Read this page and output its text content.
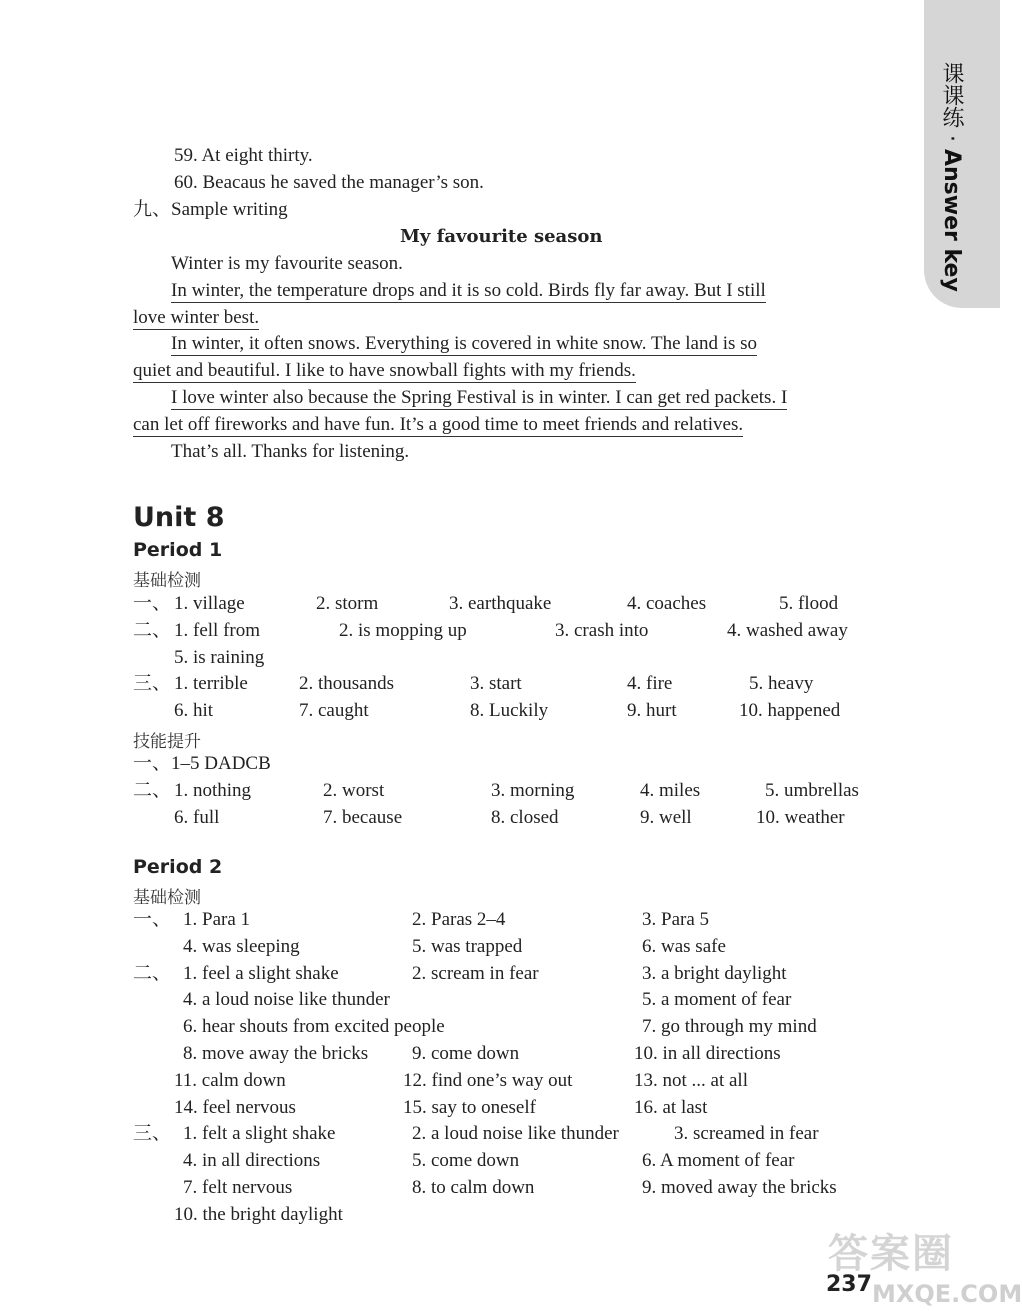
课课练 · Answer key
59. At eight thirty.
60. Beacaus he saved the manager’s son.
九、Sample writing
My favourite season
Winter is my favourite season.
In winter, the temperature drops and it is so cold. Birds fly far away. But I still
love winter best.
In winter, it often snows. Everything is covered in white snow. The land is so
quiet and beautiful. I like to have snowball fights with my friends.
I love winter also because the Spring Festival is in winter. I can get red packets. I
can let off fireworks and have fun. It’s a good time to meet friends and relatives.
That’s all. Thanks for listening.
Unit 8
Period 1
基础检测
一、 1. village	2. storm	3. earthquake	4. coaches	5. flood
二、 1. fell from	2. is mopping up	3. crash into	4. washed away
5. is raining
三、 1. terrible	2. thousands	3. start	4. fire	5. heavy
6. hit	7. caught	8. Luckily	9. hurt	10. happened
技能提升
一、1–5 DADCB
二、 1. nothing	2. worst	3. morning	4. miles	5. umbrellas
6. full	7. because	8. closed	9. well	10. weather
Period 2
基础检测
一、 1. Para 1	2. Paras 2–4	3. Para 5
4. was sleeping	5. was trapped	6. was safe
二、 1. feel a slight shake	2. scream in fear	3. a bright daylight
4. a loud noise like thunder	5. a moment of fear
6. hear shouts from excited people	7. go through my mind
8. move away the bricks 9. come down	10. in all directions
11. calm down	12. find one’s way out	13. not ... at all
14. feel nervous	15. say to oneself	16. at last
三、 1. felt a slight shake	2. a loud noise like thunder	3. screamed in fear
4. in all directions	5. come down	6. A moment of fear
7. felt nervous	8. to calm down	9. moved away the bricks
10. the bright daylight
237
答案圈
MXQE.COM
